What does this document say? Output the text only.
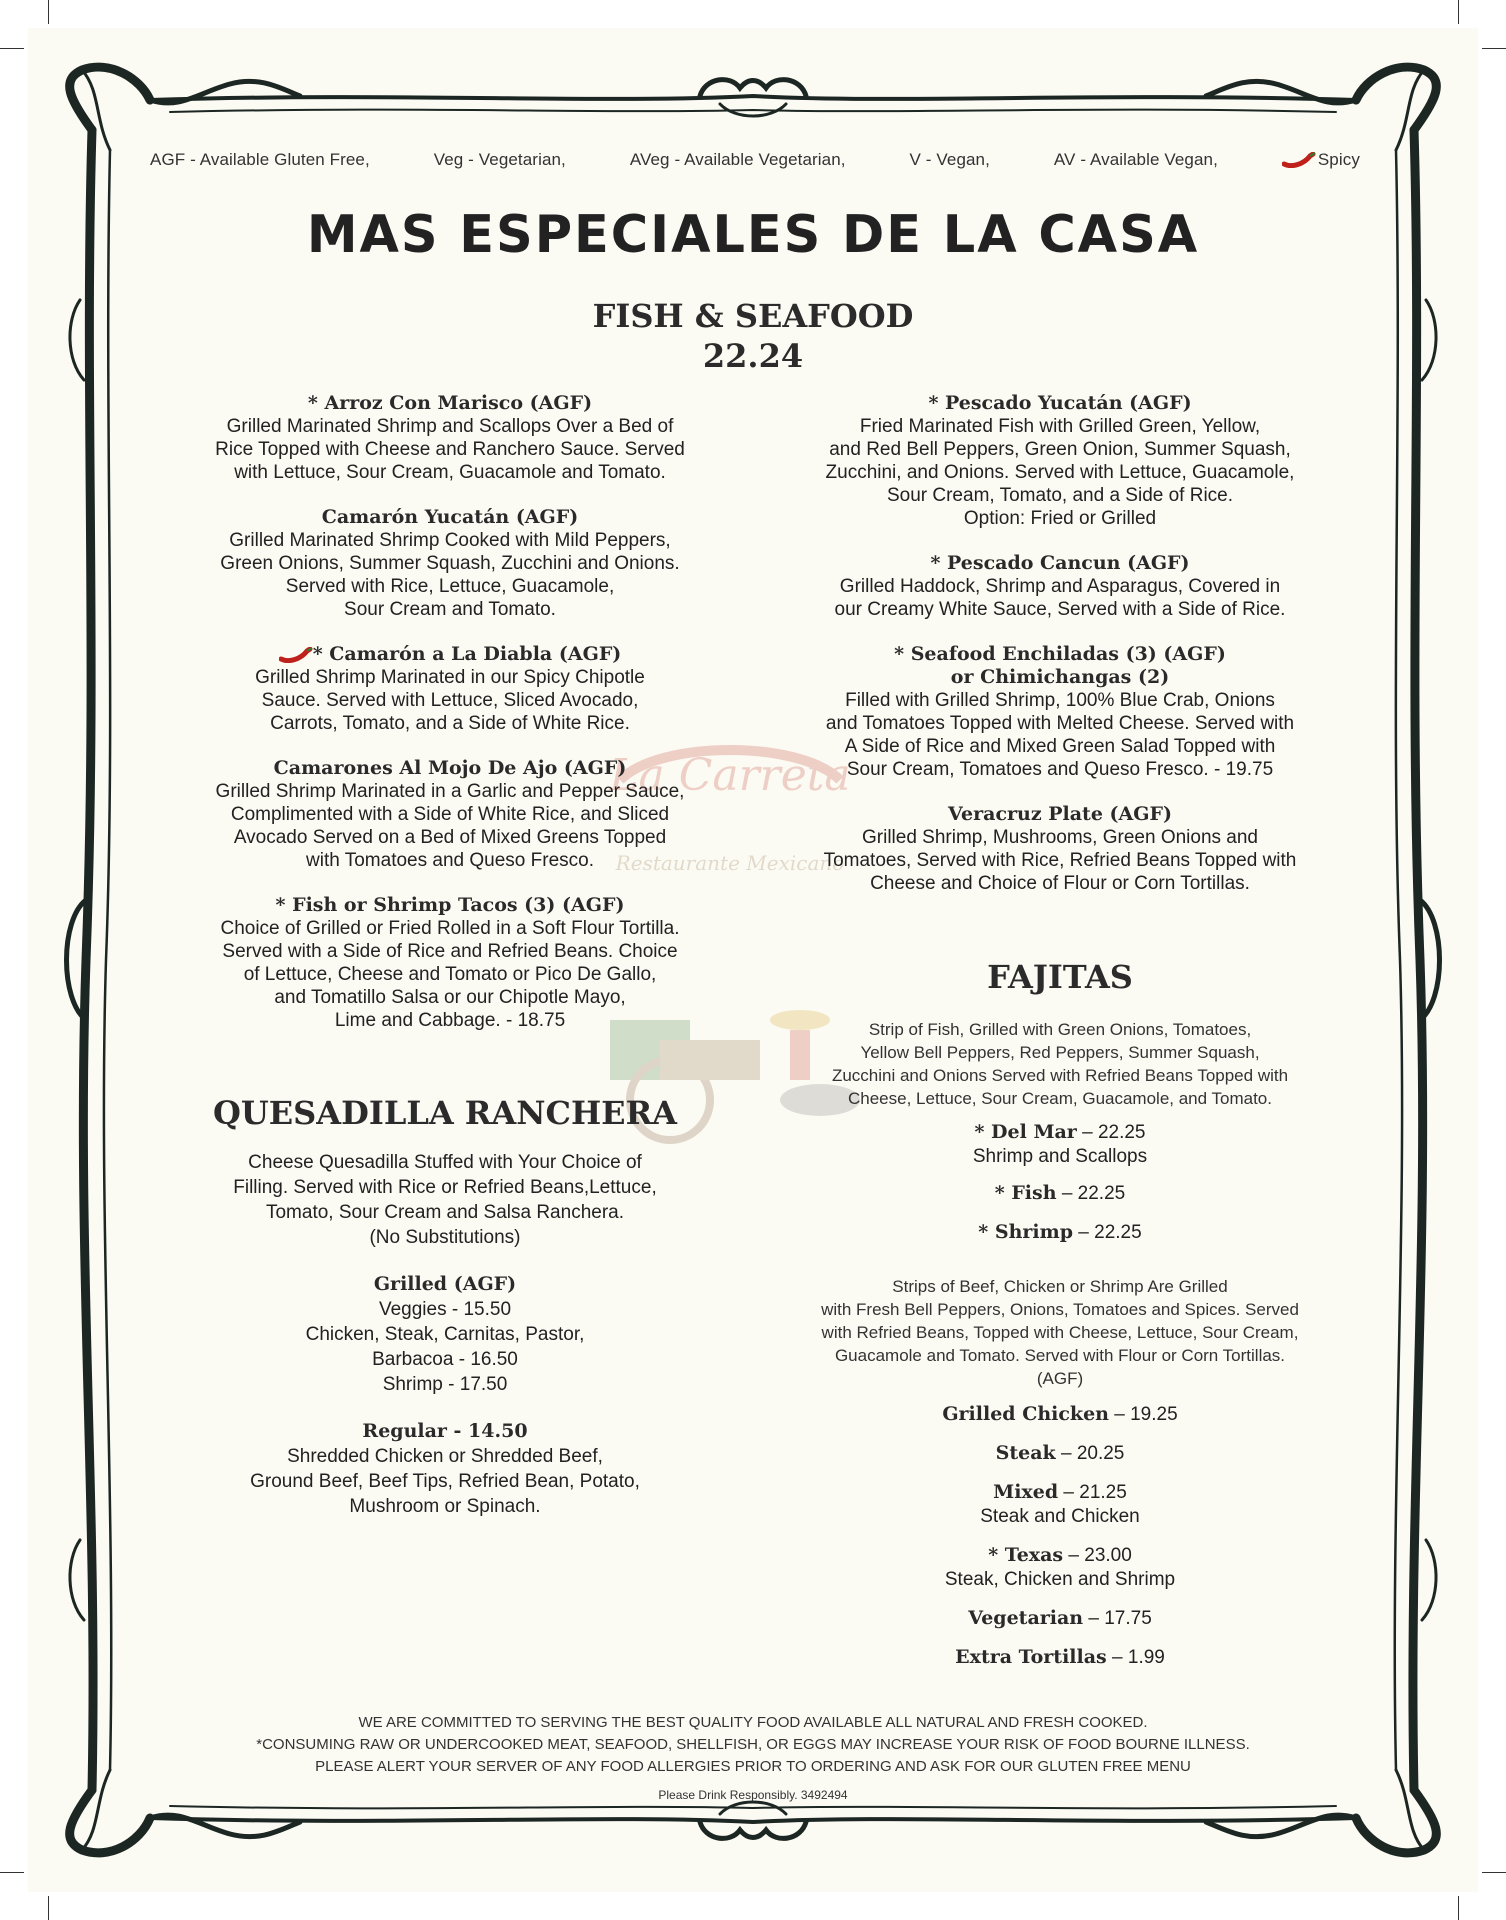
La Carreta
Restaurante Mexicano
AGF - Available Gluten Free,	Veg - Vegetarian,	AVeg - Available Vegetarian,	V - Vegan,	AV - Available Vegan,	Spicy
MAS ESPECIALES DE LA CASA
FISH & SEAFOOD
22.24
* Arroz Con Marisco (AGF)
Grilled Marinated Shrimp and Scallops Over a Bed of
Rice Topped with Cheese and Ranchero Sauce. Served
with Lettuce, Sour Cream, Guacamole and Tomato.
Camarón Yucatán (AGF)
Grilled Marinated Shrimp Cooked with Mild Peppers,
Green Onions, Summer Squash, Zucchini and Onions.
Served with Rice, Lettuce, Guacamole,
Sour Cream and Tomato.
* Camarón a La Diabla (AGF)
Grilled Shrimp Marinated in our Spicy Chipotle
Sauce. Served with Lettuce, Sliced Avocado,
Carrots, Tomato, and a Side of White Rice.
Camarones Al Mojo De Ajo (AGF)
Grilled Shrimp Marinated in a Garlic and Pepper Sauce,
Complimented with a Side of White Rice, and Sliced
Avocado Served on a Bed of Mixed Greens Topped
with Tomatoes and Queso Fresco.
* Fish or Shrimp Tacos (3) (AGF)
Choice of Grilled or Fried Rolled in a Soft Flour Tortilla.
Served with a Side of Rice and Refried Beans. Choice
of Lettuce, Cheese and Tomato or Pico De Gallo,
and Tomatillo Salsa or our Chipotle Mayo,
Lime and Cabbage. - 18.75
* Pescado Yucatán (AGF)
Fried Marinated Fish with Grilled Green, Yellow,
and Red Bell Peppers, Green Onion, Summer Squash,
Zucchini, and Onions. Served with Lettuce, Guacamole,
Sour Cream, Tomato, and a Side of Rice.
Option: Fried or Grilled
* Pescado Cancun (AGF)
Grilled Haddock, Shrimp and Asparagus, Covered in
our Creamy White Sauce, Served with a Side of Rice.
* Seafood Enchiladas (3) (AGF)
or Chimichangas (2)
Filled with Grilled Shrimp, 100% Blue Crab, Onions
and Tomatoes Topped with Melted Cheese. Served with
A Side of Rice and Mixed Green Salad Topped with
Sour Cream, Tomatoes and Queso Fresco. - 19.75
Veracruz Plate (AGF)
Grilled Shrimp, Mushrooms, Green Onions and
Tomatoes, Served with Rice, Refried Beans Topped with
Cheese and Choice of Flour or Corn Tortillas.
QUESADILLA RANCHERA
Cheese Quesadilla Stuffed with Your Choice of
Filling. Served with Rice or Refried Beans,Lettuce,
Tomato, Sour Cream and Salsa Ranchera.
(No Substitutions)
Grilled (AGF)
Veggies - 15.50
Chicken, Steak, Carnitas, Pastor,
Barbacoa - 16.50
Shrimp - 17.50
Regular - 14.50
Shredded Chicken or Shredded Beef,
Ground Beef, Beef Tips, Refried Bean, Potato,
Mushroom or Spinach.
FAJITAS
Strip of Fish, Grilled with Green Onions, Tomatoes,
Yellow Bell Peppers, Red Peppers, Summer Squash,
Zucchini and Onions Served with Refried Beans Topped with
Cheese, Lettuce, Sour Cream, Guacamole, and Tomato.
* Del Mar – 22.25
Shrimp and Scallops
* Fish – 22.25
* Shrimp – 22.25
Strips of Beef, Chicken or Shrimp Are Grilled
with Fresh Bell Peppers, Onions, Tomatoes and Spices. Served
with Refried Beans, Topped with Cheese, Lettuce, Sour Cream,
Guacamole and Tomato. Served with Flour or Corn Tortillas.
(AGF)
Grilled Chicken – 19.25
Steak – 20.25
Mixed – 21.25
Steak and Chicken
* Texas – 23.00
Steak, Chicken and Shrimp
Vegetarian – 17.75
Extra Tortillas – 1.99
WE ARE COMMITTED TO SERVING THE BEST QUALITY FOOD AVAILABLE ALL NATURAL AND FRESH COOKED.
*CONSUMING RAW OR UNDERCOOKED MEAT, SEAFOOD, SHELLFISH, OR EGGS MAY INCREASE YOUR RISK OF FOOD BOURNE ILLNESS.
PLEASE ALERT YOUR SERVER OF ANY FOOD ALLERGIES PRIOR TO ORDERING AND ASK FOR OUR GLUTEN FREE MENU
Please Drink Responsibly. 3492494
